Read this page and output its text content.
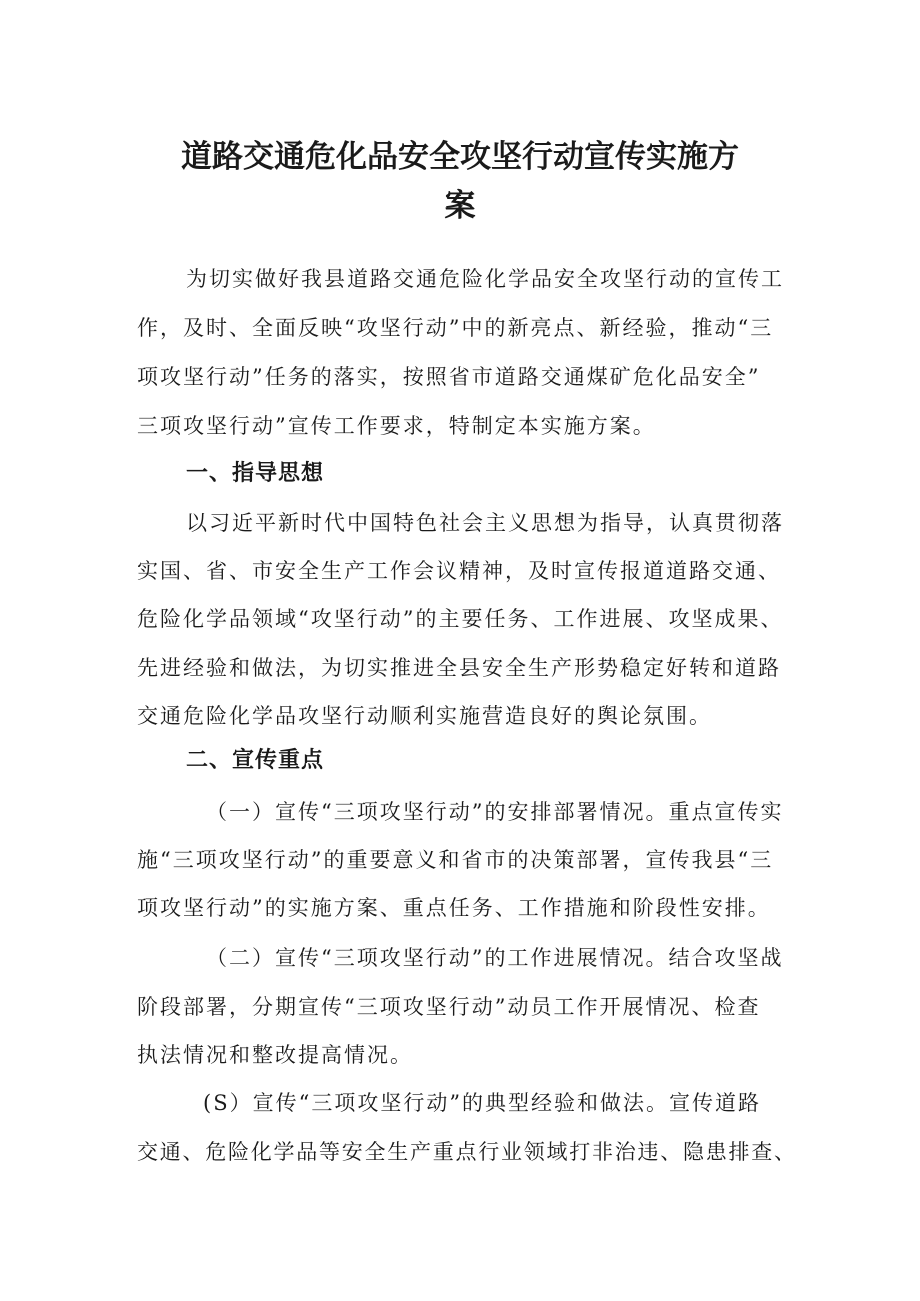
道路交通危化品安全攻坚行动宣传实施方
案

为切实做好我县道路交通危险化学品安全攻坚行动的宣传工

作，及时、全面反映“攻坚行动”中的新亮点、新经验，推动“三

项攻坚行动”任务的落实，按照省市道路交通煤矿危化品安全”

三项攻坚行动”宣传工作要求，特制定本实施方案。

一、指导思想

以习近平新时代中国特色社会主义思想为指导，认真贯彻落

实国、省、市安全生产工作会议精神，及时宣传报道道路交通、

危险化学品领域“攻坚行动”的主要任务、工作进展、攻坚成果、

先进经验和做法，为切实推进全县安全生产形势稳定好转和道路

交通危险化学品攻坚行动顺利实施营造良好的舆论氛围。

二、宣传重点

（一）宣传“三项攻坚行动”的安排部署情况。重点宣传实

施“三项攻坚行动”的重要意义和省市的决策部署，宣传我县“三

项攻坚行动”的实施方案、重点任务、工作措施和阶段性安排。

（二）宣传“三项攻坚行动”的工作进展情况。结合攻坚战

阶段部署，分期宣传“三项攻坚行动”动员工作开展情况、检查

执法情况和整改提高情况。

(S）宣传“三项攻坚行动”的典型经验和做法。宣传道路

交通、危险化学品等安全生产重点行业领域打非治违、隐患排查、
